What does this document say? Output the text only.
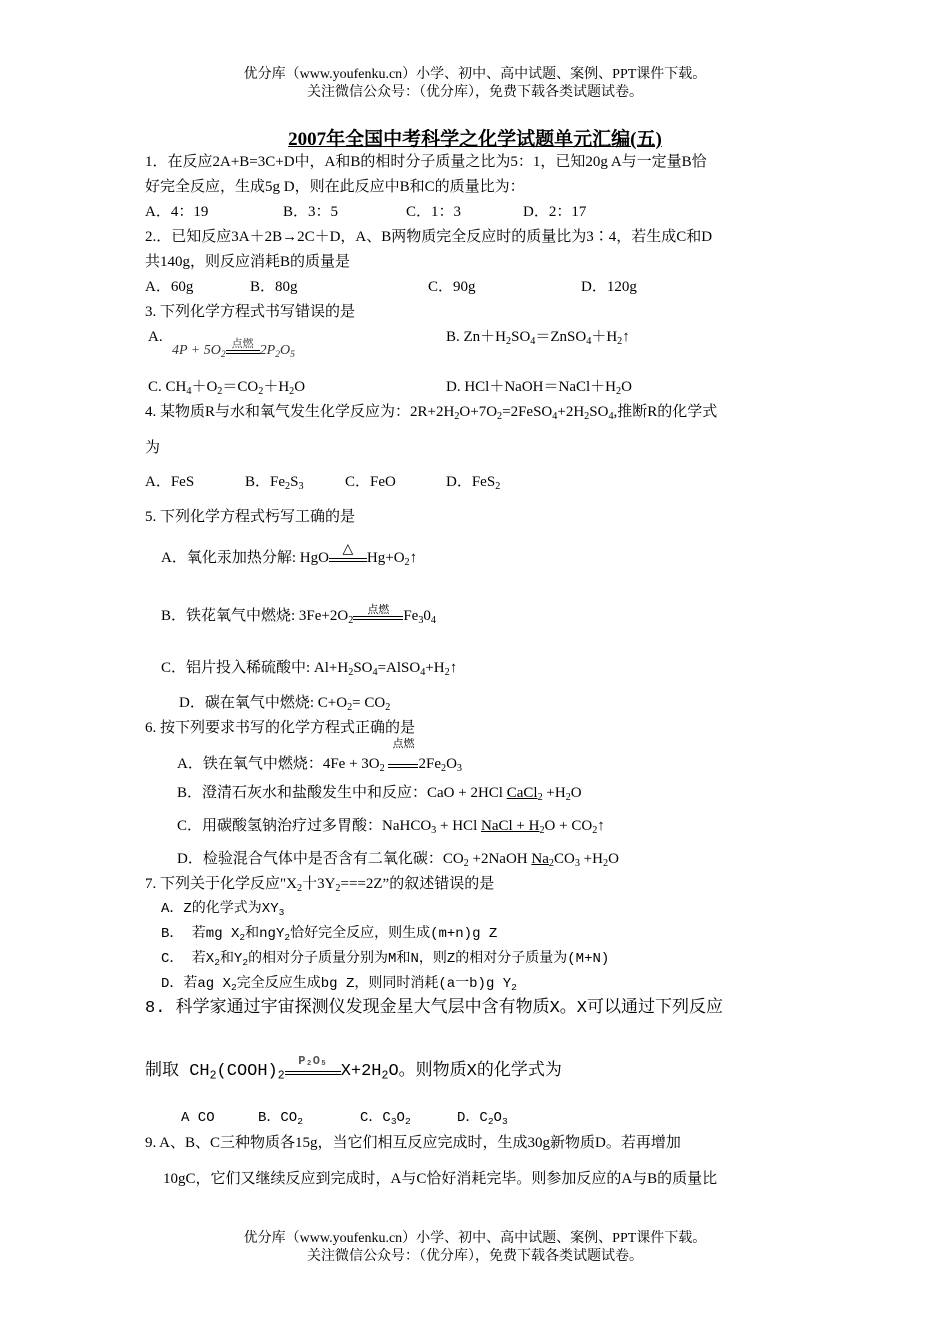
优分库（www.youfenku.cn）小学、初中、高中试题、案例、PPT课件下载。
关注微信公众号：（优分库），免费下载各类试题试卷。
2007年全国中考科学之化学试题单元汇编(五)
1．在反应2A+B=3C+D中，A和B的相时分子质量之比为5：1，已知20g A与一定量B恰
好完全反应，生成5g D，则在此反应中B和C的质量比为：
A．4：19	B．3：5	C．1：3	D．2：17
2.．已知反应3A＋2B→2C＋D，A、B两物质完全反应时的质量比为3∶4，若生成C和D
共140g，则反应消耗B的质量是
A．60g	B．80g	C．90g	D．120g
3. 下列化学方程式书写错误的是
A.
$4P + 5O_2$
点燃 $2P_2O_5$
B. $Zn+H_2SO_4=ZnSO_4+H_2↑$
C. $CH_4+O_2=CO_2+H_2O$	D. $HCl+NaOH=NaCl+H_2O$
4. 某物质R与水和氧气发生化学反应为：$2R+2H_2O+7O_2=2FeSO_4+2H_2SO_4$,推断R的化学式
为
A．FeS	B．$Fe_2S_3$	C．FeO	D．FeS$_2$
5. 下列化学方程式杇写工确的是
A．氧化汞加热分解: HgO
△
$Hg+O_2↑$
B．铁花氧气中燃烧: $3Fe+2O_2$
点燃 $Fe_30_4$
C．铝片投入稀硫酸中: $Al+H_2SO_4=AlSO_4+H_2↑$
D．碳在氧气中燃烧: $C+O_2= CO_2$
6. 按下列要求书写的化学方程式正确的是
A．铁在氧气中燃烧：$4Fe + 3O_2$
点燃
$2Fe_2O_3$
B．澄清石灰水和盐酸发生中和反应：CaO + 2HCl CaCl$_2$ $+H_2O$
C．用碳酸氢钠治疗过多胃酸：NaHCO$_3$ + HCl NaCl + $H_2O$ + $CO_2↑$
D．检验混合气体中是否含有二氧化碳：$CO_2$ +2NaOH $Na_2CO_3 +H_2O$
7. 下列关于化学反应"$X_2$十$3Y_2===2Z$”的叙述错误的是
A．Z的化学式为$XY_3$
B． 若mg $X_2$和ngY$_2$恰好完全反应，则生成(m+n)g Z
C． 若$X_2$和$Y_2$的相对分子质量分别为M和N，则Z的相对分子质量为(M+N)
D．若ag $X_2$完全反应生成bg Z，则同时消耗(a一b)g $Y_2$
8. 科学家通过宇宙探测仪发现金星大气层中含有物质X。X可以通过下列反应
制取 $CH_2(COOH)_2$
P₂O₅
$X+2H_2O$。则物质X的化学式为
A CO	B．$CO_2$	C．$C_3O_2$	D．$C_2O_3$
9. A、B、C三种物质各15g，当它们相互反应完成时，生成30g新物质D。若再增加
10gC，它们又继续反应到完成时，A与C恰好消耗完毕。则参加反应的A与B的质量比
优分库（www.youfenku.cn）小学、初中、高中试题、案例、PPT课件下载。
关注微信公众号：（优分库），免费下载各类试题试卷。
